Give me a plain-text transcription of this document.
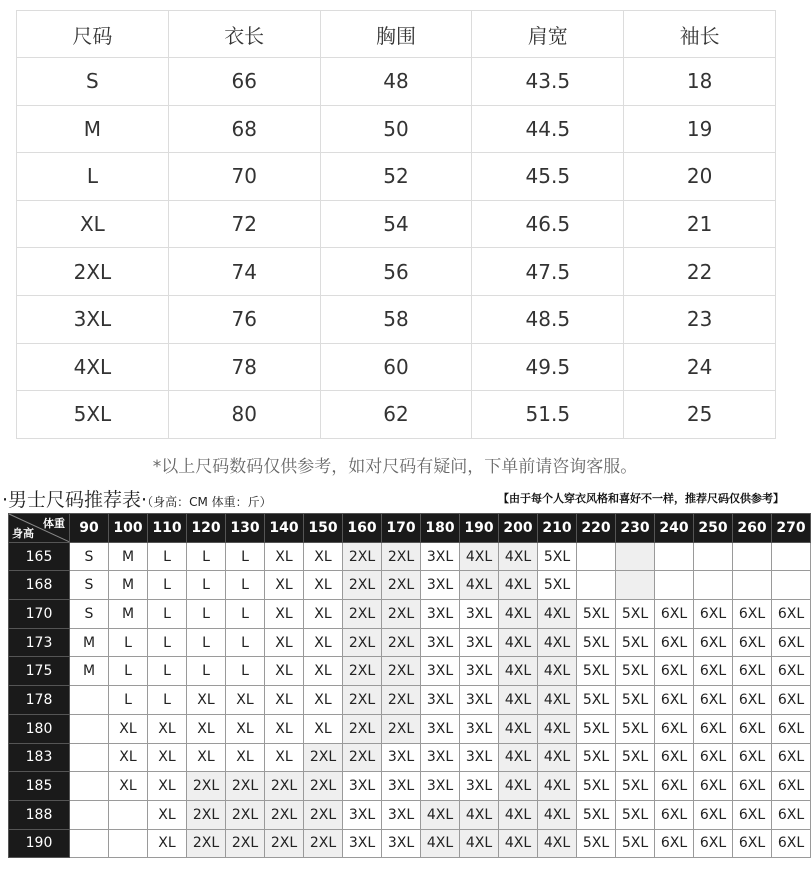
尺码	衣长	胸围	肩宽	袖长
S	66	48	43.5	18
M	68	50	44.5	19
L	70	52	45.5	20
XL	72	54	46.5	21
2XL	74	56	47.5	22
3XL	76	58	48.5	23
4XL	78	60	49.5	24
5XL	80	62	51.5	25
*以上尺码数码仅供参考，如对尺码有疑问，下单前请咨询客服。
·男士尺码推荐表·（身高：CM 体重：斤）	【由于每个人穿衣风格和喜好不一样，推荐尺码仅供参考】
体重
身高	90	100	110	120	130	140	150	160	170	180	190	200	210	220	230	240	250	260	270
165	S	M	L	L	L	XL	XL	2XL	2XL	3XL	4XL	4XL	5XL						
168	S	M	L	L	L	XL	XL	2XL	2XL	3XL	4XL	4XL	5XL						
170	S	M	L	L	L	XL	XL	2XL	2XL	3XL	3XL	4XL	4XL	5XL	5XL	6XL	6XL	6XL	6XL
173	M	L	L	L	L	XL	XL	2XL	2XL	3XL	3XL	4XL	4XL	5XL	5XL	6XL	6XL	6XL	6XL
175	M	L	L	L	L	XL	XL	2XL	2XL	3XL	3XL	4XL	4XL	5XL	5XL	6XL	6XL	6XL	6XL
178		L	L	XL	XL	XL	XL	2XL	2XL	3XL	3XL	4XL	4XL	5XL	5XL	6XL	6XL	6XL	6XL
180		XL	XL	XL	XL	XL	XL	2XL	2XL	3XL	3XL	4XL	4XL	5XL	5XL	6XL	6XL	6XL	6XL
183		XL	XL	XL	XL	XL	2XL	2XL	3XL	3XL	3XL	4XL	4XL	5XL	5XL	6XL	6XL	6XL	6XL
185		XL	XL	2XL	2XL	2XL	2XL	3XL	3XL	3XL	3XL	4XL	4XL	5XL	5XL	6XL	6XL	6XL	6XL
188			XL	2XL	2XL	2XL	2XL	3XL	3XL	4XL	4XL	4XL	4XL	5XL	5XL	6XL	6XL	6XL	6XL
190			XL	2XL	2XL	2XL	2XL	3XL	3XL	4XL	4XL	4XL	4XL	5XL	5XL	6XL	6XL	6XL	6XL
